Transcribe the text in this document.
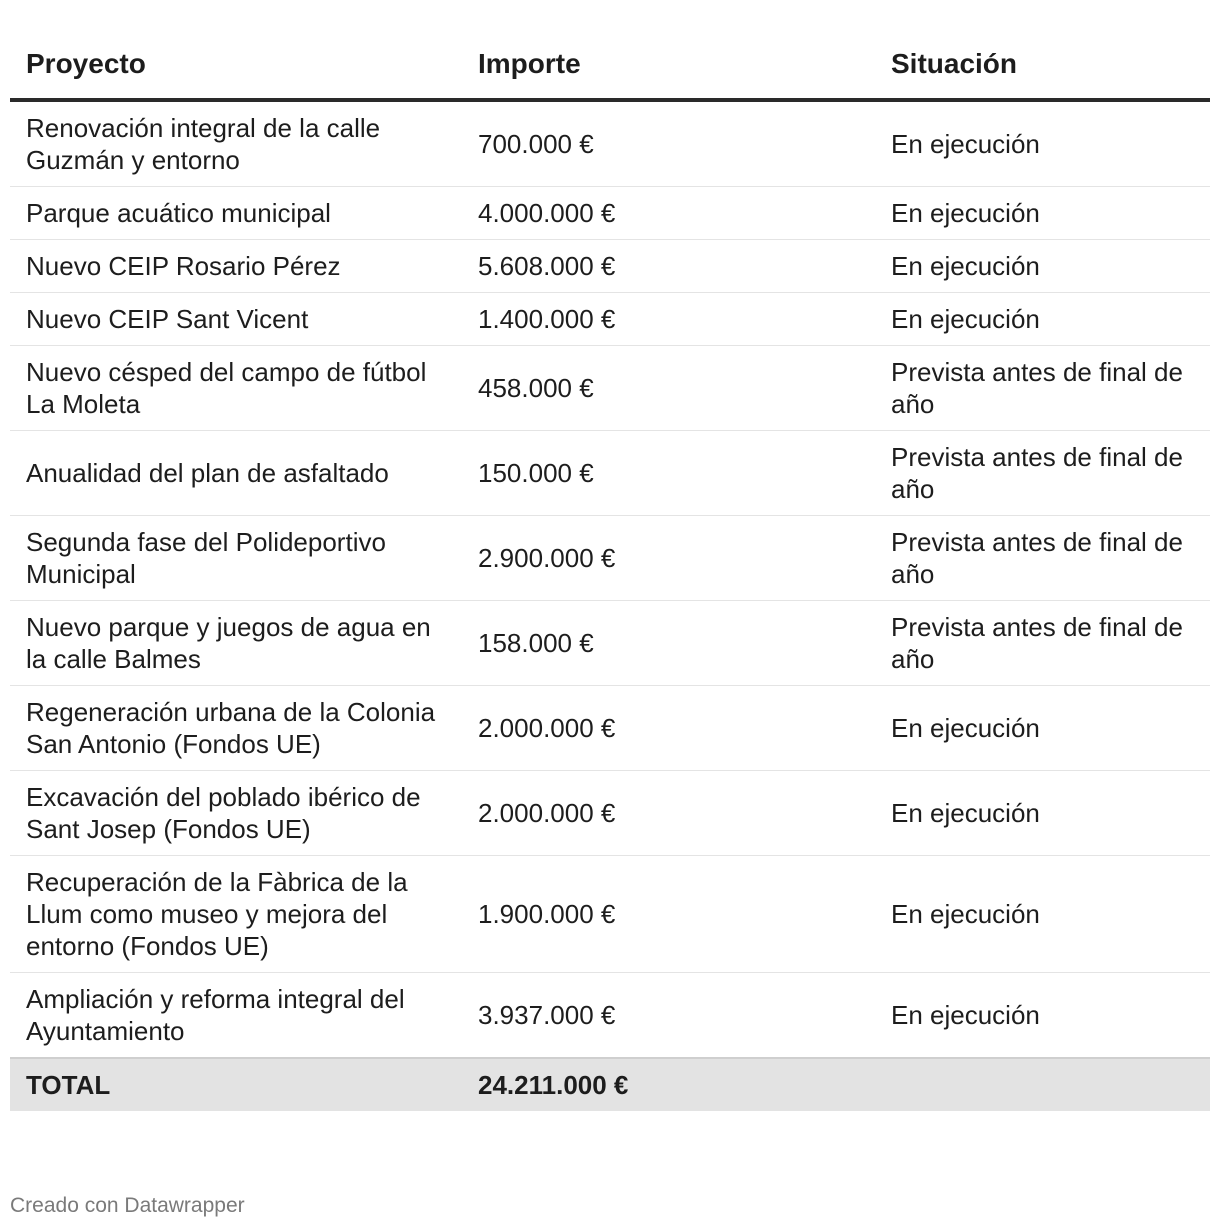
Proyecto	Importe	Situación
Renovación integral de la calle Guzmán y entorno	700.000 €	En ejecución
Parque acuático municipal	4.000.000 €	En ejecución
Nuevo CEIP Rosario Pérez	5.608.000 €	En ejecución
Nuevo CEIP Sant Vicent	1.400.000 €	En ejecución
Nuevo césped del campo de fútbol La Moleta	458.000 €	Prevista antes de final de año
Anualidad del plan de asfaltado	150.000 €	Prevista antes de final de año
Segunda fase del Polideportivo Municipal	2.900.000 €	Prevista antes de final de año
Nuevo parque y juegos de agua en la calle Balmes	158.000 €	Prevista antes de final de año
Regeneración urbana de la Colonia San Antonio (Fondos UE)	2.000.000 €	En ejecución
Excavación del poblado ibérico de Sant Josep (Fondos UE)	2.000.000 €	En ejecución
Recuperación de la Fàbrica de la Llum como museo y mejora del entorno (Fondos UE)	1.900.000 €	En ejecución
Ampliación y reforma integral del Ayuntamiento	3.937.000 €	En ejecución
TOTAL	24.211.000 €	
Creado con Datawrapper
